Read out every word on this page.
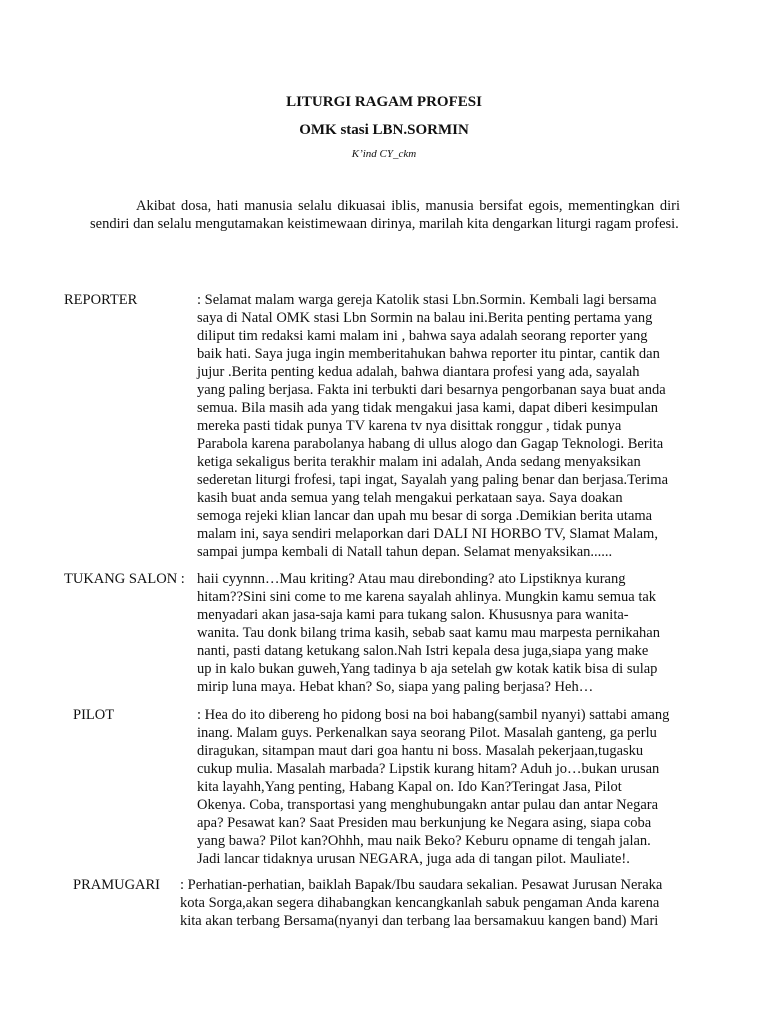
LITURGI RAGAM PROFESI
OMK stasi LBN.SORMIN
K’ind CY_ckm
Akibat dosa, hati manusia selalu dikuasai iblis, manusia bersifat egois, mementingkan diri sendiri dan selalu mengutamakan keistimewaan dirinya, marilah kita dengarkan liturgi ragam profesi.
REPORTER	: Selamat malam warga gereja Katolik stasi Lbn.Sormin. Kembali lagi bersama
saya di Natal OMK stasi Lbn Sormin na balau ini.Berita penting pertama yang
diliput tim redaksi kami malam ini , bahwa saya adalah seorang reporter yang
baik hati. Saya juga ingin memberitahukan bahwa reporter itu pintar, cantik dan
jujur .Berita penting kedua adalah, bahwa diantara profesi yang ada, sayalah
yang paling berjasa. Fakta ini terbukti dari besarnya pengorbanan saya buat anda
semua. Bila masih ada yang tidak mengakui jasa kami, dapat diberi kesimpulan
mereka pasti tidak punya TV karena tv nya disittak ronggur , tidak punya
Parabola karena parabolanya habang di ullus alogo dan Gagap Teknologi. Berita
ketiga sekaligus berita terakhir malam ini adalah, Anda sedang menyaksikan
sederetan liturgi frofesi, tapi ingat, Sayalah yang paling benar dan berjasa.Terima
kasih buat anda semua yang telah mengakui perkataan saya. Saya doakan
semoga rejeki klian lancar dan upah mu besar di sorga .Demikian berita utama
malam ini, saya sendiri melaporkan dari DALI NI HORBO TV, Slamat Malam,
sampai jumpa kembali di Natall tahun depan. Selamat menyaksikan......
TUKANG SALON : haii cyynnn…Mau kriting? Atau mau direbonding? ato Lipstiknya kurang
hitam??Sini sini come to me karena sayalah ahlinya. Mungkin kamu semua tak
menyadari akan jasa-saja kami para tukang salon. Khususnya para wanita-
wanita. Tau donk bilang trima kasih, sebab saat kamu mau marpesta pernikahan
nanti, pasti datang ketukang salon.Nah Istri kepala desa juga,siapa yang make
up in kalo bukan guweh,Yang tadinya b aja setelah gw kotak katik bisa di sulap
mirip luna maya. Hebat khan? So, siapa yang paling berjasa? Heh…
PILOT	: Hea do ito dibereng ho pidong bosi na boi habang(sambil nyanyi) sattabi amang
inang. Malam guys. Perkenalkan saya seorang Pilot. Masalah ganteng, ga perlu
diragukan, sitampan maut dari goa hantu ni boss. Masalah pekerjaan,tugasku
cukup mulia. Masalah marbada? Lipstik kurang hitam? Aduh jo…bukan urusan
kita layahh,Yang penting, Habang Kapal on. Ido Kan?Teringat Jasa, Pilot
Okenya. Coba, transportasi yang menghubungakn antar pulau dan antar Negara
apa? Pesawat kan? Saat Presiden mau berkunjung ke Negara asing, siapa coba
yang bawa? Pilot kan?Ohhh, mau naik Beko? Keburu opname di tengah jalan.
Jadi lancar tidaknya urusan NEGARA, juga ada di tangan pilot. Mauliate!.
PRAMUGARI : Perhatian-perhatian, baiklah Bapak/Ibu saudara sekalian. Pesawat Jurusan Neraka
kota Sorga,akan segera dihabangkan kencangkanlah sabuk pengaman Anda karena
kita akan terbang Bersama(nyanyi dan terbang laa bersamakuu kangen band) Mari
